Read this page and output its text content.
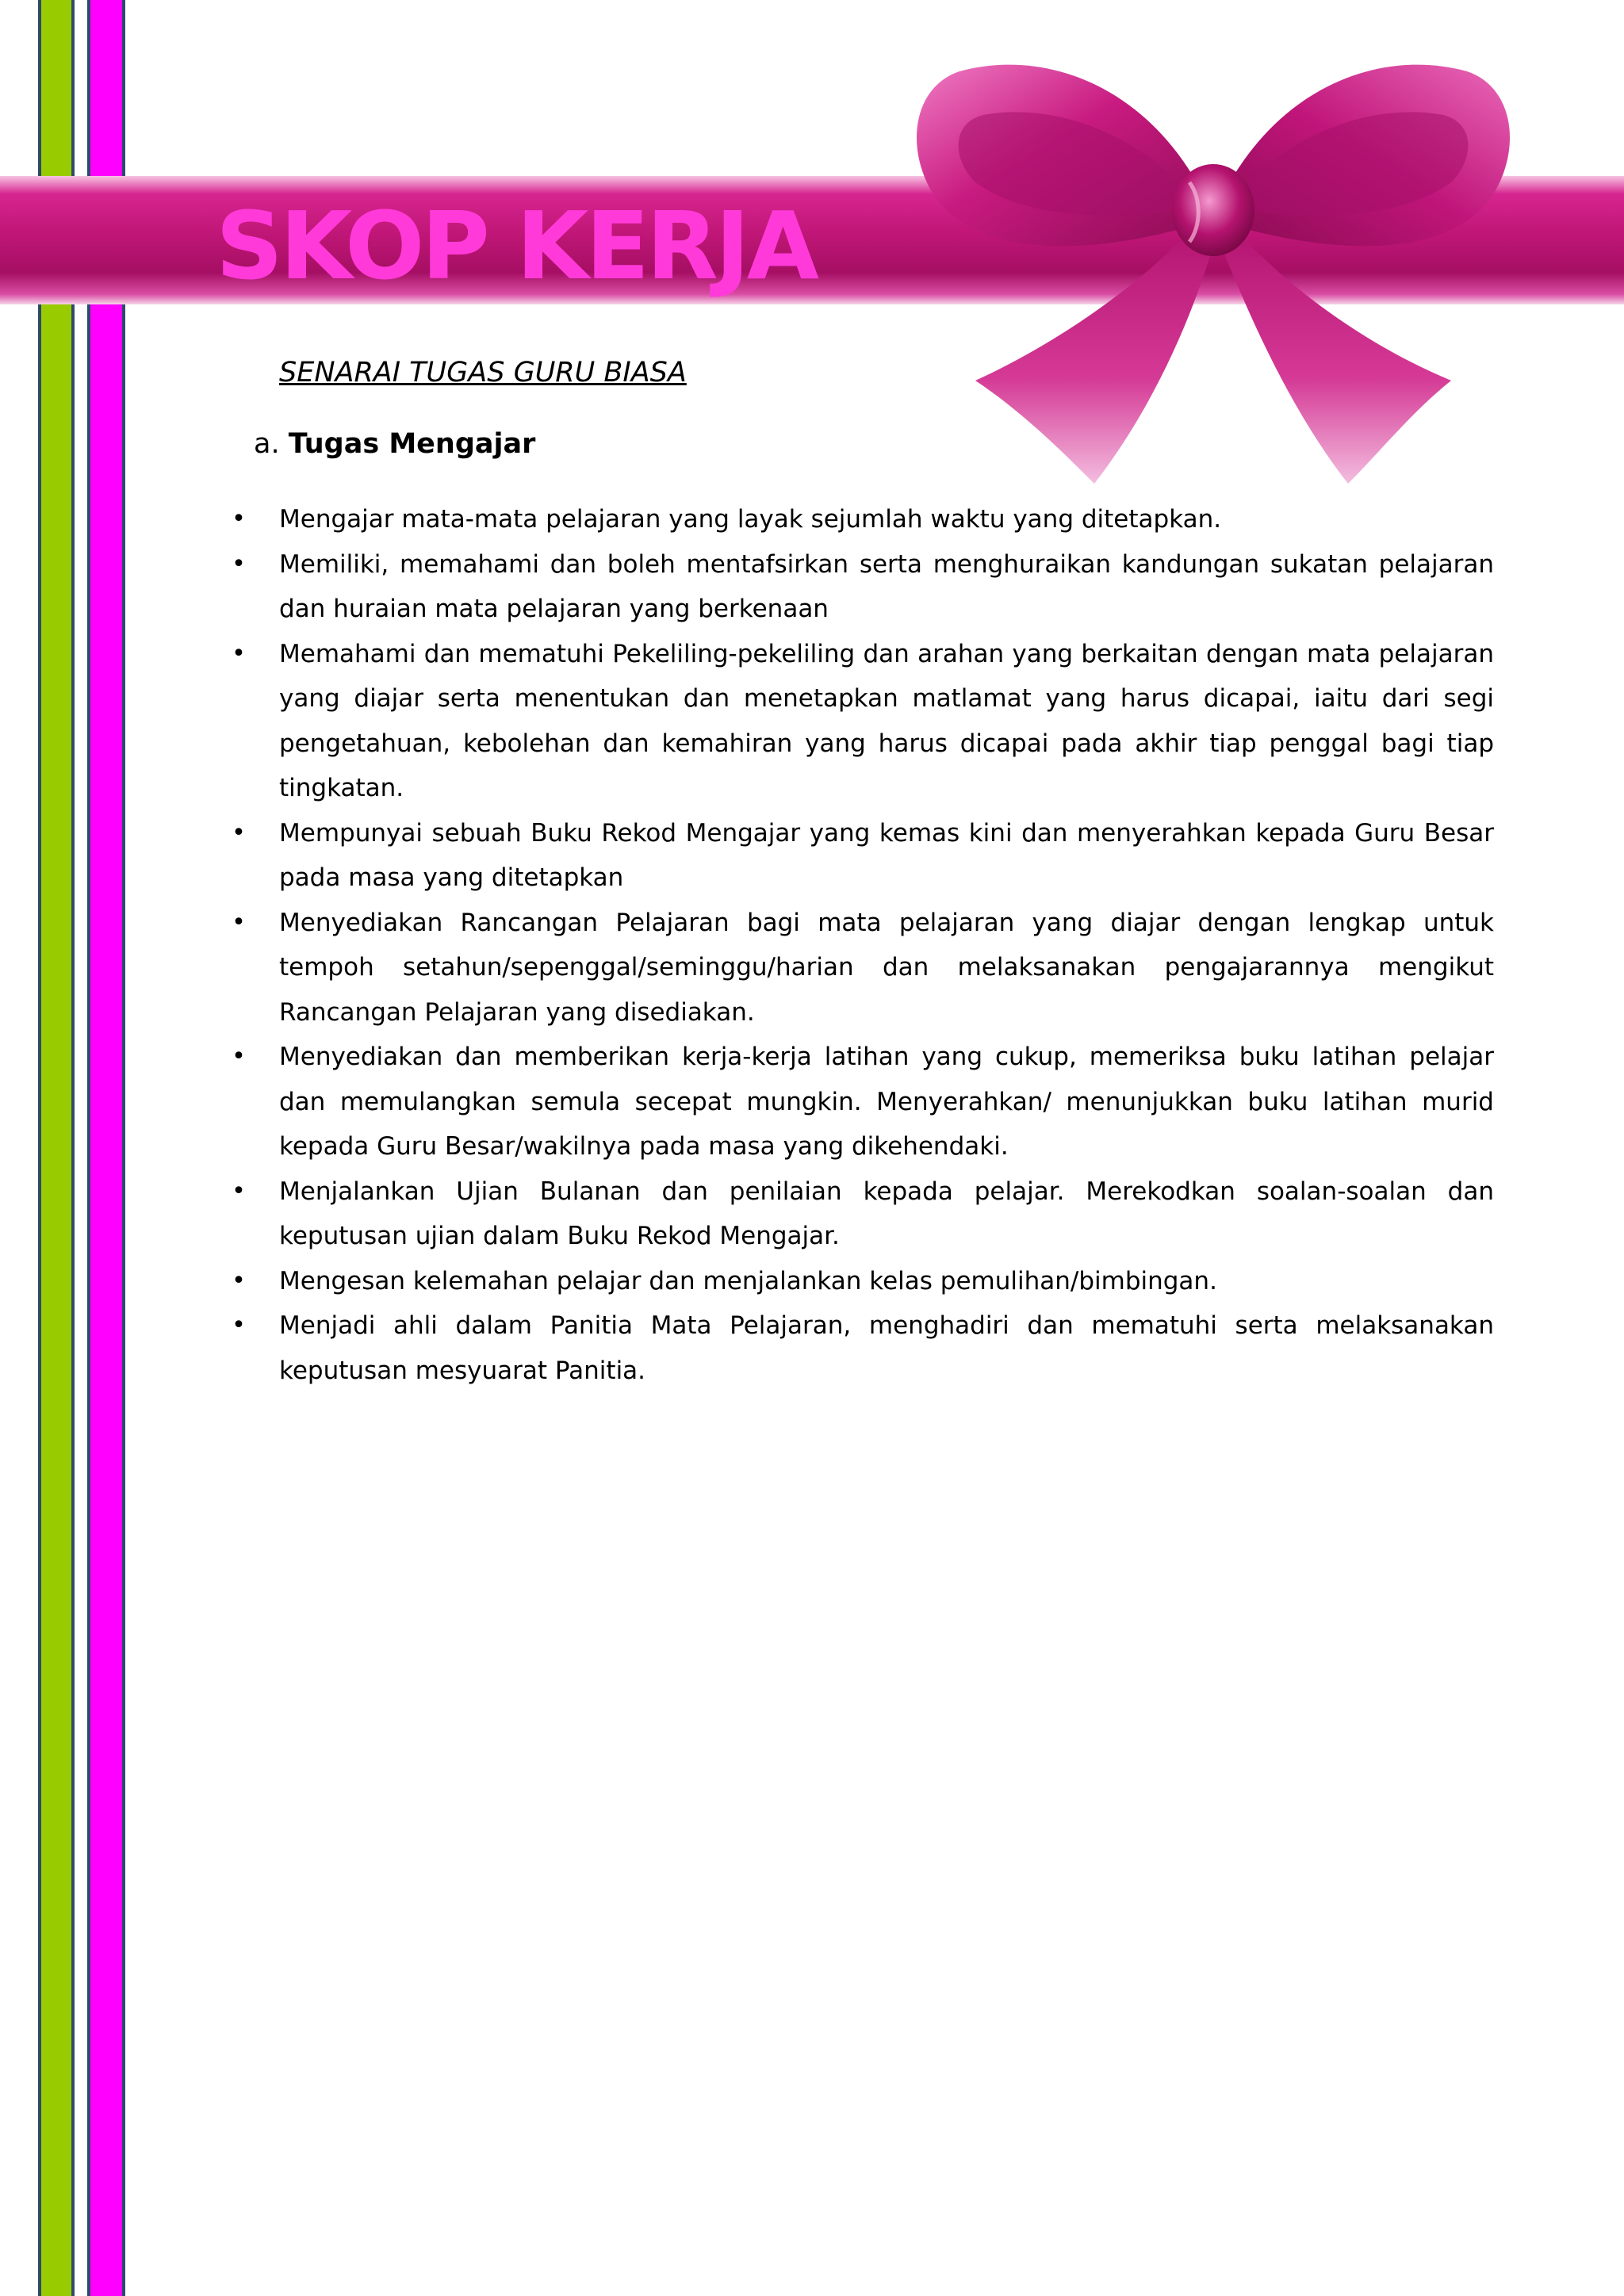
SKOP KERJA
SENARAI TUGAS GURU BIASA
a. Tugas Mengajar
• Mengajar mata-mata pelajaran yang layak sejumlah waktu yang ditetapkan.
• Memiliki, memahami dan boleh mentafsirkan serta menghuraikan kandungan sukatan pelajaran dan huraian mata pelajaran yang berkenaan
• Memahami dan mematuhi Pekeliling-pekeliling dan arahan yang berkaitan dengan mata pelajaran yang diajar serta menentukan dan menetapkan matlamat yang harus dicapai, iaitu dari segi pengetahuan, kebolehan dan kemahiran yang harus dicapai pada akhir tiap penggal bagi tiap tingkatan.
• Mempunyai sebuah Buku Rekod Mengajar yang kemas kini dan menyerahkan kepada Guru Besar pada masa yang ditetapkan
• Menyediakan Rancangan Pelajaran bagi mata pelajaran yang diajar dengan lengkap untuk tempoh setahun/sepenggal/seminggu/harian dan melaksanakan pengajarannya mengikut Rancangan Pelajaran yang disediakan.
• Menyediakan dan memberikan kerja-kerja latihan yang cukup, memeriksa buku latihan pelajar dan memulangkan semula secepat mungkin. Menyerahkan/ menunjukkan buku latihan murid kepada Guru Besar/wakilnya pada masa yang dikehendaki.
• Menjalankan Ujian Bulanan dan penilaian kepada pelajar. Merekodkan soalan-soalan dan keputusan ujian dalam Buku Rekod Mengajar.
• Mengesan kelemahan pelajar dan menjalankan kelas pemulihan/bimbingan.
• Menjadi ahli dalam Panitia Mata Pelajaran, menghadiri dan mematuhi serta melaksanakan keputusan mesyuarat Panitia.
